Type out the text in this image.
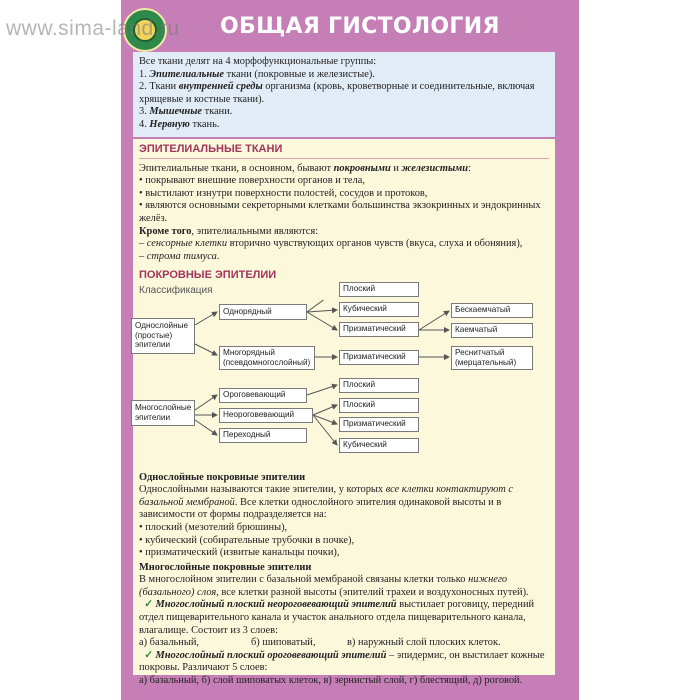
www.sima-land.ru ОБЩАЯ ГИСТОЛОГИЯ

Все ткани делят на 4 морфофункциональные группы:

1. Эпителиальные ткани (покровные и железистые).

2. Ткани внутренней среды организма (кровь, кроветворные и соединительные, включая хрящевые и костные ткани).

3. Мышечные ткани.

4. Нервную ткань.

ЭПИТЕЛИАЛЬНЫЕ ТКАНИ

Эпителиальные ткани, в основном, бывают покровными и железистыми:

• покрывают внешние поверхности органов и тела,

• выстилают изнутри поверхности полостей, сосудов и протоков,

• являются основными секреторными клетками большинства экзокринных и эндокринных желёз.

Кроме того, эпителиальными являются:

– сенсорные клетки вторично чувствующих органов чувств (вкуса, слуха и обоняния),

– строма тимуса.

ПОКРОВНЫЕ ЭПИТЕЛИИ
Классификация
Однослойные (простые) эпителии
Однорядный
Многорядный (псевдомногослойный)
Плоский
Кубический
Призматический
Призматический
Бескаемчатый
Каемчатый
Реснитчатый (мерцательный)
Многослойные эпителии
Ороговевающий
Неороговевающий
Переходный
Плоский
Плоский
Призматический
Кубический

Однослойные покровные эпителии

Однослойными называются такие эпителии, у которых все клетки контактируют с базальной мембраной. Все клетки однослойного эпителия одинаковой высоты и в зависимости от формы подразделяется на:

• плоский (мезотелий брюшины),

• кубический (собирательные трубочки в почке),

• призматический (извитые канальцы почки),

Многослойные покровные эпителии

В многослойном эпителии с базальной мембраной связаны клетки только нижнего (базального) слоя, все клетки разной высоты (эпителий трахеи и воздухоносных путей).

✓ Многослойный плоский неороговевающий эпителий выстилает роговицу, передний отдел пищеварительного канала и участок анального отдела пищеварительного канала, влагалище. Состоит из 3 слоев:

а) базальный,	б) шиповатый,	в) наружный слой плоских клеток.

✓ Многослойный плоский ороговевающий эпителий – эпидермис, он выстилает кожные покровы. Различают 5 слоев:

а) базальный, б) слой шиповатых клеток, в) зернистый слой, г) блестящий, д) роговой.
